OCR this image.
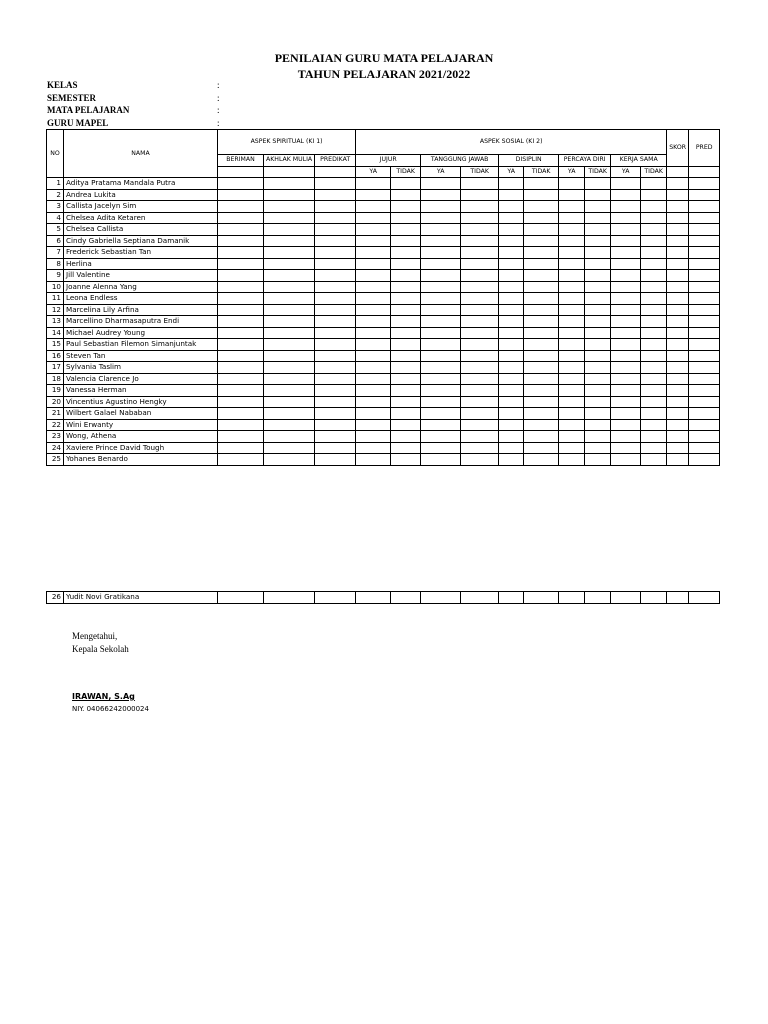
PENILAIAN GURU MATA PELAJARAN
TAHUN PELAJARAN 2021/2022
KELAS	:
SEMESTER	:
MATA PELAJARAN	:
GURU MAPEL	:
NO	NAMA	ASPEK SPIRITUAL (KI 1)			ASPEK SOSIAL (KI 2)										SKOR	PRED
		BERIMAN	AKHLAK MULIA	PREDIKAT	JUJUR		TANGGUNG JAWAB		DISIPLIN		PERCAYA DIRI		KERJA SAMA			
					YA	TIDAK	YA	TIDAK	YA	TIDAK	YA	TIDAK	YA	TIDAK		
1	Aditya Pratama Mandala Putra															
2	Andrea Lukita															
3	Callista Jacelyn Sim															
4	Chelsea Adita Ketaren															
5	Chelsea Callista															
6	Cindy Gabriella Septiana Damanik															
7	Frederick Sebastian Tan															
8	Herlina															
9	Jill Valentine															
10	Joanne Alenna Yang															
11	Leona Endless															
12	Marcelina Lily Arfina															
13	Marcellino Dharmasaputra Endi															
14	Michael Audrey Young															
15	Paul Sebastian Filemon Simanjuntak															
16	Steven Tan															
17	Sylvania Taslim															
18	Valencia Clarence Jo															
19	Vanessa Herman															
20	Vincentius Agustino Hengky															
21	Wilbert Galael Nababan															
22	Wini Erwanty															
23	Wong, Athena															
24	Xaviere Prince David Tough															
25	Yohanes Benardo															
26	Yudit Novi Gratikana															
Mengetahui,
Kepala Sekolah
IRAWAN, S.Ag
NIY. 04066242000024
